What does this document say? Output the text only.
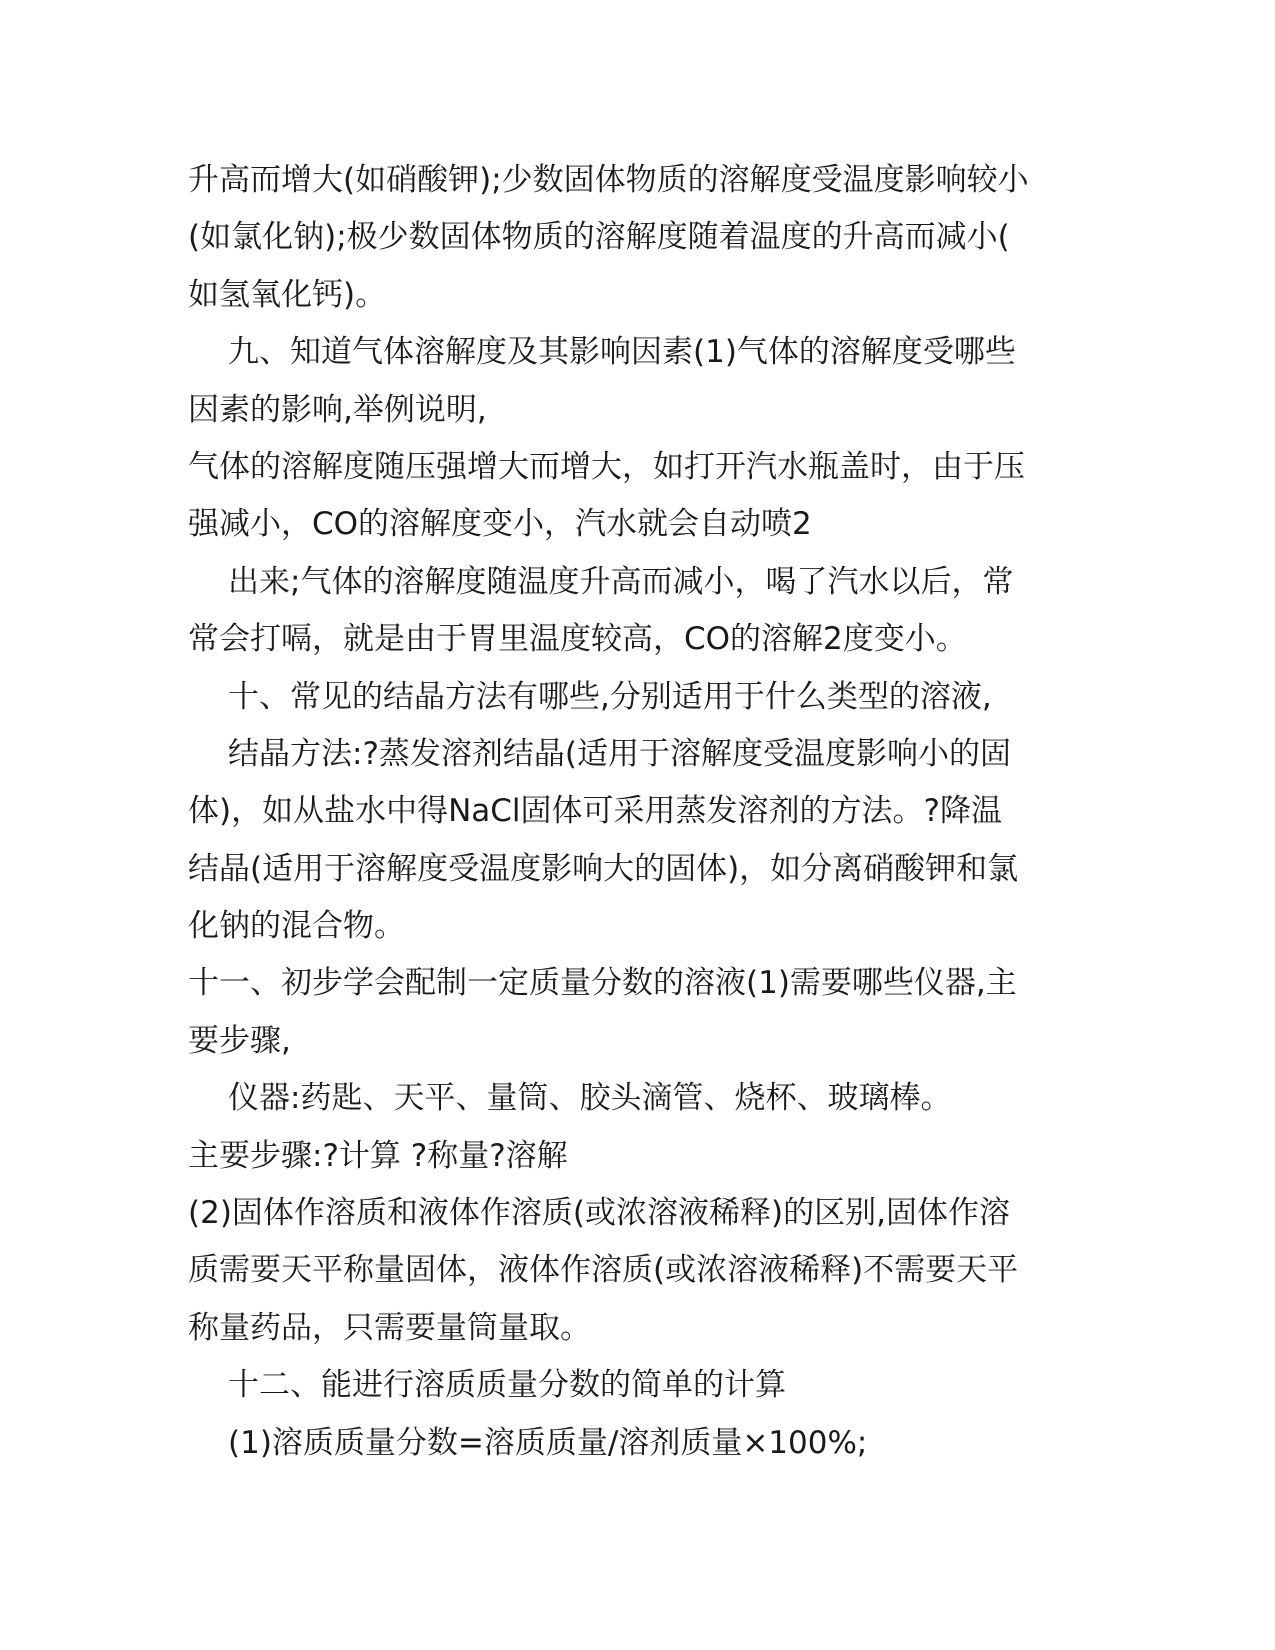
升高而增大(如硝酸钾);少数固体物质的溶解度受温度影响较小
(如氯化钠);极少数固体物质的溶解度随着温度的升高而减小(
如氢氧化钙)。
九、知道气体溶解度及其影响因素(1)气体的溶解度受哪些
因素的影响,举例说明,
气体的溶解度随压强增大而增大，如打开汽水瓶盖时，由于压
强减小，CO的溶解度变小，汽水就会自动喷2
出来;气体的溶解度随温度升高而减小，喝了汽水以后，常
常会打嗝，就是由于胃里温度较高，CO的溶解2度变小。
十、常见的结晶方法有哪些,分别适用于什么类型的溶液,
结晶方法:?蒸发溶剂结晶(适用于溶解度受温度影响小的固
体)，如从盐水中得NaCl固体可采用蒸发溶剂的方法。?降温
结晶(适用于溶解度受温度影响大的固体)，如分离硝酸钾和氯
化钠的混合物。
十一、初步学会配制一定质量分数的溶液(1)需要哪些仪器,主
要步骤,
仪器:药匙、天平、量筒、胶头滴管、烧杯、玻璃棒。
主要步骤:?计算 ?称量?溶解
(2)固体作溶质和液体作溶质(或浓溶液稀释)的区别,固体作溶
质需要天平称量固体，液体作溶质(或浓溶液稀释)不需要天平
称量药品，只需要量筒量取。
十二、能进行溶质质量分数的简单的计算
(1)溶质质量分数=溶质质量/溶剂质量×100%;
